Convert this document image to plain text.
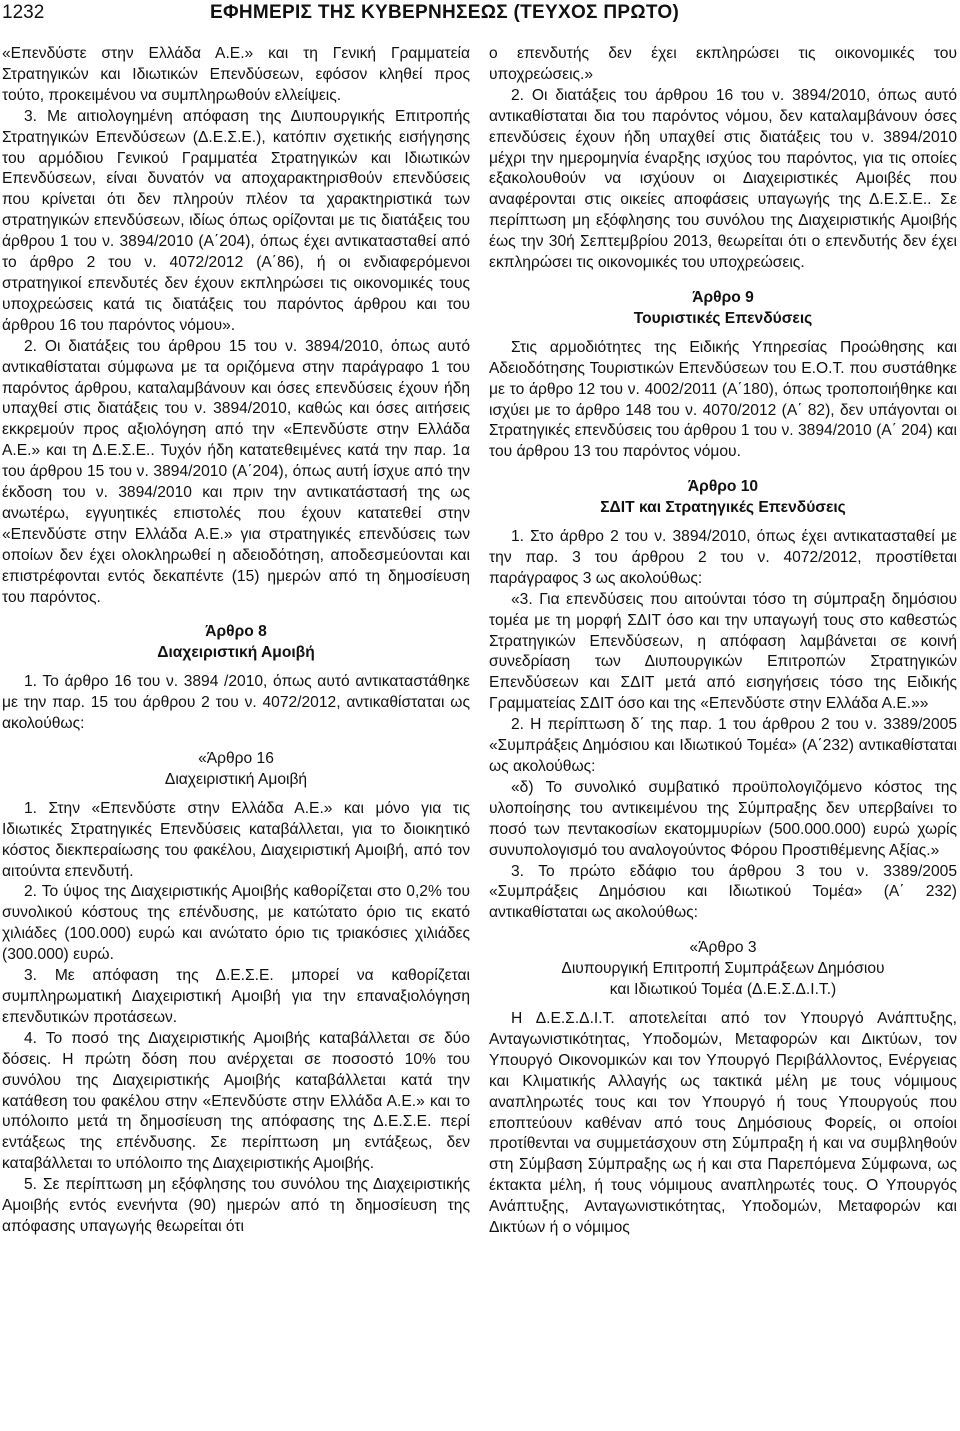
1232	ΕΦΗΜΕΡΙΣ ΤΗΣ ΚΥΒΕΡΝΗΣΕΩΣ (ΤΕΥΧΟΣ ΠΡΩΤΟ)

«Επενδύστε στην Ελλάδα Α.Ε.» και τη Γενική Γραμματεία Στρατηγικών και Ιδιωτικών Επενδύσεων, εφόσον κληθεί προς τούτο, προκειμένου να συμπληρωθούν ελλείψεις.

3. Με αιτιολογημένη απόφαση της Διυπουργικής Επιτροπής Στρατηγικών Επενδύσεων (Δ.Ε.Σ.Ε.), κατόπιν σχετικής εισήγησης του αρμόδιου Γενικού Γραμματέα Στρατηγικών και Ιδιωτικών Επενδύσεων, είναι δυνατόν να αποχαρακτηρισθούν επενδύσεις που κρίνεται ότι δεν πληρούν πλέον τα χαρακτηριστικά των στρατηγικών επενδύσεων, ιδίως όπως ορίζονται με τις διατάξεις του άρθρου 1 του ν. 3894/2010 (Α΄204), όπως έχει αντικατασταθεί από το άρθρο 2 του ν. 4072/2012 (Α΄86), ή οι ενδιαφερόμενοι στρατηγικοί επενδυτές δεν έχουν εκπληρώσει τις οικονομικές τους υποχρεώσεις κατά τις διατάξεις του παρόντος άρθρου και του άρθρου 16 του παρόντος νόμου».

2. Οι διατάξεις του άρθρου 15 του ν. 3894/2010, όπως αυτό αντικαθίσταται σύμφωνα με τα οριζόμενα στην παράγραφο 1 του παρόντος άρθρου, καταλαμβάνουν και όσες επενδύσεις έχουν ήδη υπαχθεί στις διατάξεις του ν. 3894/2010, καθώς και όσες αιτήσεις εκκρεμούν προς αξιολόγηση από την «Επενδύστε στην Ελλάδα Α.Ε.» και τη Δ.Ε.Σ.Ε.. Τυχόν ήδη κατατεθειμένες κατά την παρ. 1α του άρθρου 15 του ν. 3894/2010 (Α΄204), όπως αυτή ίσχυε από την έκδοση του ν. 3894/2010 και πριν την αντικατάστασή της ως ανωτέρω, εγγυητικές επιστολές που έχουν κατατεθεί στην «Επενδύστε στην Ελλάδα Α.Ε.» για στρατηγικές επενδύσεις των οποίων δεν έχει ολοκληρωθεί η αδειοδότηση, αποδεσμεύονται και επιστρέφονται εντός δεκαπέντε (15) ημερών από τη δημοσίευση του παρόντος.

Άρθρο 8

Διαχειριστική Αμοιβή

1. Το άρθρο 16 του ν. 3894 /2010, όπως αυτό αντικαταστάθηκε με την παρ. 15 του άρθρου 2 του ν. 4072/2012, αντικαθίσταται ως ακολούθως:

«Άρθρο 16

Διαχειριστική Αμοιβή

1. Στην «Επενδύστε στην Ελλάδα Α.Ε.» και μόνο για τις Ιδιωτικές Στρατηγικές Επενδύσεις καταβάλλεται, για το διοικητικό κόστος διεκπεραίωσης του φακέλου, Διαχειριστική Αμοιβή, από τον αιτούντα επενδυτή.

2. Το ύψος της Διαχειριστικής Αμοιβής καθορίζεται στο 0,2% του συνολικού κόστους της επένδυσης, με κατώτατο όριο τις εκατό χιλιάδες (100.000) ευρώ και ανώτατο όριο τις τριακόσιες χιλιάδες (300.000) ευρώ.

3. Με απόφαση της Δ.Ε.Σ.Ε. μπορεί να καθορίζεται συμπληρωματική Διαχειριστική Αμοιβή για την επαναξιολόγηση επενδυτικών προτάσεων.

4. Το ποσό της Διαχειριστικής Αμοιβής καταβάλλεται σε δύο δόσεις. Η πρώτη δόση που ανέρχεται σε ποσοστό 10% του συνόλου της Διαχειριστικής Αμοιβής καταβάλλεται κατά την κατάθεση του φακέλου στην «Επενδύστε στην Ελλάδα Α.Ε.» και το υπόλοιπο μετά τη δημοσίευση της απόφασης της Δ.Ε.Σ.Ε. περί εντάξεως της επένδυσης. Σε περίπτωση μη εντάξεως, δεν καταβάλλεται το υπόλοιπο της Διαχειριστικής Αμοιβής.

5. Σε περίπτωση μη εξόφλησης του συνόλου της Διαχειριστικής Αμοιβής εντός ενενήντα (90) ημερών από τη δημοσίευση της απόφασης υπαγωγής θεωρείται ότι

ο επενδυτής δεν έχει εκπληρώσει τις οικονομικές του υποχρεώσεις.»

2. Οι διατάξεις του άρθρου 16 του ν. 3894/2010, όπως αυτό αντικαθίσταται δια του παρόντος νόμου, δεν καταλαμβάνουν όσες επενδύσεις έχουν ήδη υπαχθεί στις διατάξεις του ν. 3894/2010 μέχρι την ημερομηνία έναρξης ισχύος του παρόντος, για τις οποίες εξακολουθούν να ισχύουν οι Διαχειριστικές Αμοιβές που αναφέρονται στις οικείες αποφάσεις υπαγωγής της Δ.Ε.Σ.Ε.. Σε περίπτωση μη εξόφλησης του συνόλου της Διαχειριστικής Αμοιβής έως την 30ή Σεπτεμβρίου 2013, θεωρείται ότι ο επενδυτής δεν έχει εκπληρώσει τις οικονομικές του υποχρεώσεις.

Άρθρο 9

Τουριστικές Επενδύσεις

Στις αρμοδιότητες της Ειδικής Υπηρεσίας Προώθησης και Αδειοδότησης Τουριστικών Επενδύσεων του Ε.Ο.Τ. που συστάθηκε με το άρθρο 12 του ν. 4002/2011 (Α΄180), όπως τροποποιήθηκε και ισχύει με το άρθρο 148 του ν. 4070/2012 (Α΄ 82), δεν υπάγονται οι Στρατηγικές επενδύσεις του άρθρου 1 του ν. 3894/2010 (Α΄ 204) και του άρθρου 13 του παρόντος νόμου.

Άρθρο 10

ΣΔΙΤ και Στρατηγικές Επενδύσεις

1. Στο άρθρο 2 του ν. 3894/2010, όπως έχει αντικατασταθεί με την παρ. 3 του άρθρου 2 του ν. 4072/2012, προστίθεται παράγραφος 3 ως ακολούθως:

«3. Για επενδύσεις που αιτούνται τόσο τη σύμπραξη δημόσιου τομέα με τη μορφή ΣΔΙΤ όσο και την υπαγωγή τους στο καθεστώς Στρατηγικών Επενδύσεων, η απόφαση λαμβάνεται σε κοινή συνεδρίαση των Διυπουργικών Επιτροπών Στρατηγικών Επενδύσεων και ΣΔΙΤ μετά από εισηγήσεις τόσο της Ειδικής Γραμματείας ΣΔΙΤ όσο και της «Επενδύστε στην Ελλάδα Α.Ε.»»

2. Η περίπτωση δ΄ της παρ. 1 του άρθρου 2 του ν. 3389/2005 «Συμπράξεις Δημόσιου και Ιδιωτικού Τομέα» (Α΄232) αντικαθίσταται ως ακολούθως:

«δ) Το συνολικό συμβατικό προϋπολογιζόμενο κόστος της υλοποίησης του αντικειμένου της Σύμπραξης δεν υπερβαίνει το ποσό των πεντακοσίων εκατομμυρίων (500.000.000) ευρώ χωρίς συνυπολογισμό του αναλογούντος Φόρου Προστιθέμενης Αξίας.»

3. Το πρώτο εδάφιο του άρθρου 3 του ν. 3389/2005 «Συμπράξεις Δημόσιου και Ιδιωτικού Τομέα» (Α΄ 232) αντικαθίσταται ως ακολούθως:

«Άρθρο 3

Διυπουργική Επιτροπή Συμπράξεων Δημόσιου

και Ιδιωτικού Τομέα (Δ.Ε.Σ.Δ.Ι.Τ.)

Η Δ.Ε.Σ.Δ.Ι.Τ. αποτελείται από τον Υπουργό Ανάπτυξης, Ανταγωνιστικότητας, Υποδομών, Μεταφορών και Δικτύων, τον Υπουργό Οικονομικών και τον Υπουργό Περιβάλλοντος, Ενέργειας και Κλιματικής Αλλαγής ως τακτικά μέλη με τους νόμιμους αναπληρωτές τους και τον Υπουργό ή τους Υπουργούς που εποπτεύουν καθέναν από τους Δημόσιους Φορείς, οι οποίοι προτίθενται να συμμετάσχουν στη Σύμπραξη ή και να συμβληθούν στη Σύμβαση Σύμπραξης ως ή και στα Παρεπόμενα Σύμφωνα, ως έκτακτα μέλη, ή τους νόμιμους αναπληρωτές τους. Ο Υπουργός Ανάπτυξης, Ανταγωνιστικότητας, Υποδομών, Μεταφορών και Δικτύων ή ο νόμιμος
